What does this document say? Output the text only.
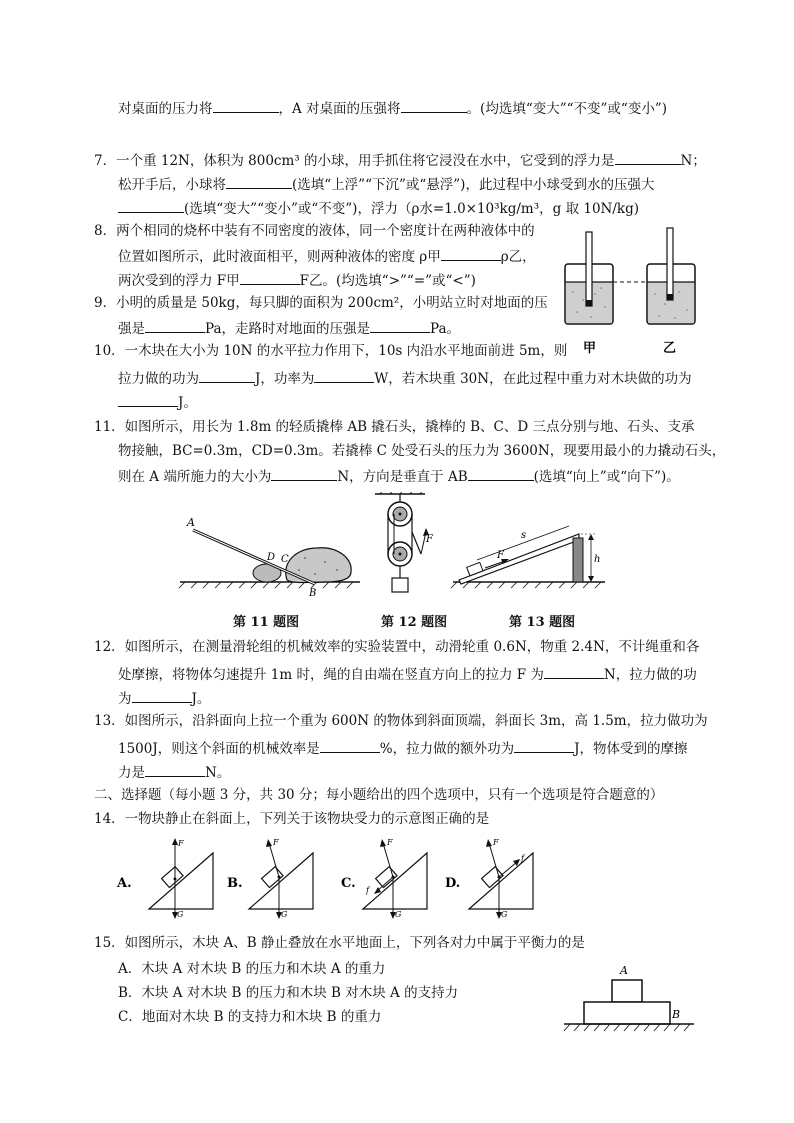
对桌面的压力将	，A 对桌面的压强将	。(均选填“变大”“不变”或“变小”)
7．一个重 12N，体积为 800cm³ 的小球，用手抓住将它浸没在水中，它受到的浮力是	N；
松开手后，小球将	(选填“上浮”“下沉”或“悬浮”)，此过程中小球受到水的压强大
(选填“变大”“变小”或“不变”)，浮力（ρ水=1.0×10³kg/m³，g 取 10N/kg)
8．两个相同的烧杯中装有不同密度的液体，同一个密度计在两种液体中的
位置如图所示，此时液面相平，则两种液体的密度 ρ甲	ρ乙，
两次受到的浮力 F甲	F乙。(均选填“>”“=”或“<”)
甲	乙
9．小明的质量是 50kg，每只脚的面积为 200cm²，小明站立时对地面的压
强是	Pa，走路时对地面的压强是	Pa。
10．一木块在大小为 10N 的水平拉力作用下，10s 内沿水平地面前进 5m，则
拉力做的功为	J，功率为	W，若木块重 30N，在此过程中重力对木块做的功为
J。
11．如图所示，用长为 1.8m 的轻质撬棒 AB 撬石头，撬棒的 B、C、D 三点分别与地、石头、支承
物接触，BC=0.3m，CD=0.3m。若撬棒 C 处受石头的压力为 3600N，现要用最小的力撬动石头，
则在 A 端所施力的大小为	N，方向是垂直于 AB	(选填“向上”或“向下”)。
A
D C
B
F
F
s
h
第 11 题图	第 12 题图	第 13 题图
12．如图所示，在测量滑轮组的机械效率的实验装置中，动滑轮重 0.6N，物重 2.4N，不计绳重和各
处摩擦，将物体匀速提升 1m 时，绳的自由端在竖直方向上的拉力 F 为	N，拉力做的功
为	J。
13．如图所示，沿斜面向上拉一个重为 600N 的物体到斜面顶端，斜面长 3m，高 1.5m，拉力做功为
1500J，则这个斜面的机械效率是	%，拉力做的额外功为	J，物体受到的摩擦
力是	N。
二、选择题（每小题 3 分，共 30 分；每小题给出的四个选项中，只有一个选项是符合题意的）
14．一物块静止在斜面上，下列关于该物块受力的示意图正确的是
A.
F
G
B.
F
G
C.
F
f
G
D.
F
f
G
15．如图所示，木块 A、B 静止叠放在水平地面上，下列各对力中属于平衡力的是
A．木块 A 对木块 B 的压力和木块 A 的重力
B．木块 A 对木块 B 的压力和木块 B 对木块 A 的支持力
C．地面对木块 B 的支持力和木块 B 的重力
A
B
